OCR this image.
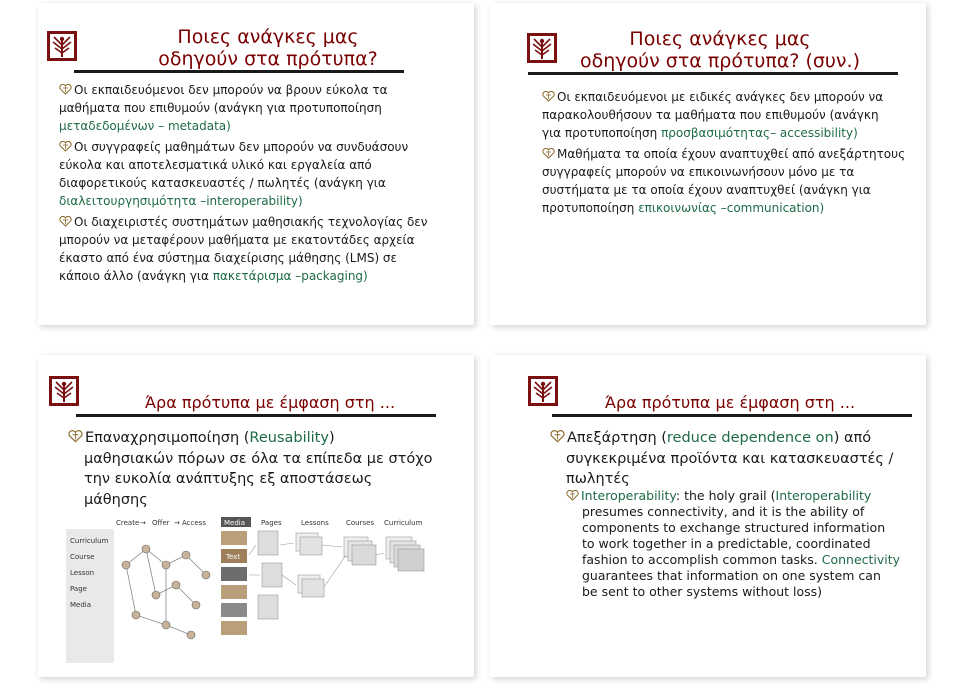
Ποιες ανάγκες μας
οδηγούν στα πρότυπα?

Οι εκπαιδευόμενοι δεν μπορούν να βρουν εύκολα τα
μαθήματα που επιθυμούν (ανάγκη για προτυποποίηση
μεταδεδομένων – metadata)

Οι συγγραφείς μαθημάτων δεν μπορούν να συνδυάσουν
εύκολα και αποτελεσματικά υλικό και εργαλεία από
διαφορετικούς κατασκευαστές / πωλητές (ανάγκη για
διαλειτουργησιμότητα –interoperability)

Οι διαχειριστές συστημάτων μαθησιακής τεχνολογίας δεν
μπορούν να μεταφέρουν μαθήματα με εκατοντάδες αρχεία
έκαστο από ένα σύστημα διαχείρισης μάθησης (LMS) σε
κάποιο άλλο (ανάγκη για πακετάρισμα –packaging)

Ποιες ανάγκες μας
οδηγούν στα πρότυπα? (συν.)

Οι εκπαιδευόμενοι με ειδικές ανάγκες δεν μπορούν να
παρακολουθήσουν τα μαθήματα που επιθυμούν (ανάγκη
για προτυποποίηση προσβασιμότητας– accessibility)

Μαθήματα τα οποία έχουν αναπτυχθεί από ανεξάρτητους
συγγραφείς μπορούν να επικοινωνήσουν μόνο με τα
συστήματα με τα οποία έχουν αναπτυχθεί (ανάγκη για
προτυποποίηση επικοινωνίας –communication)

Άρα πρότυπα με έμφαση στη ...
Επαναχρησιμοποίηση (Reusability)

μαθησιακών πόρων σε όλα τα επίπεδα με στόχο
την ευκολία ανάπτυξης εξ αποστάσεως
μάθησης
Curriculum
Course
Lesson
Page
Media
Create → Offer → Access	Media
Text
Pages	Lessons Courses Curriculum
Άρα πρότυπα με έμφαση στη ...
Απεξάρτηση (reduce dependence on) από

συγκεκριμένα προϊόντα και κατασκευαστές /
πωλητές
Interoperability: the holy grail (Interoperability

presumes connectivity, and it is the ability of
components to exchange structured information
to work together in a predictable, coordinated
fashion to accomplish common tasks. Connectivity
guarantees that information on one system can
be sent to other systems without loss)
